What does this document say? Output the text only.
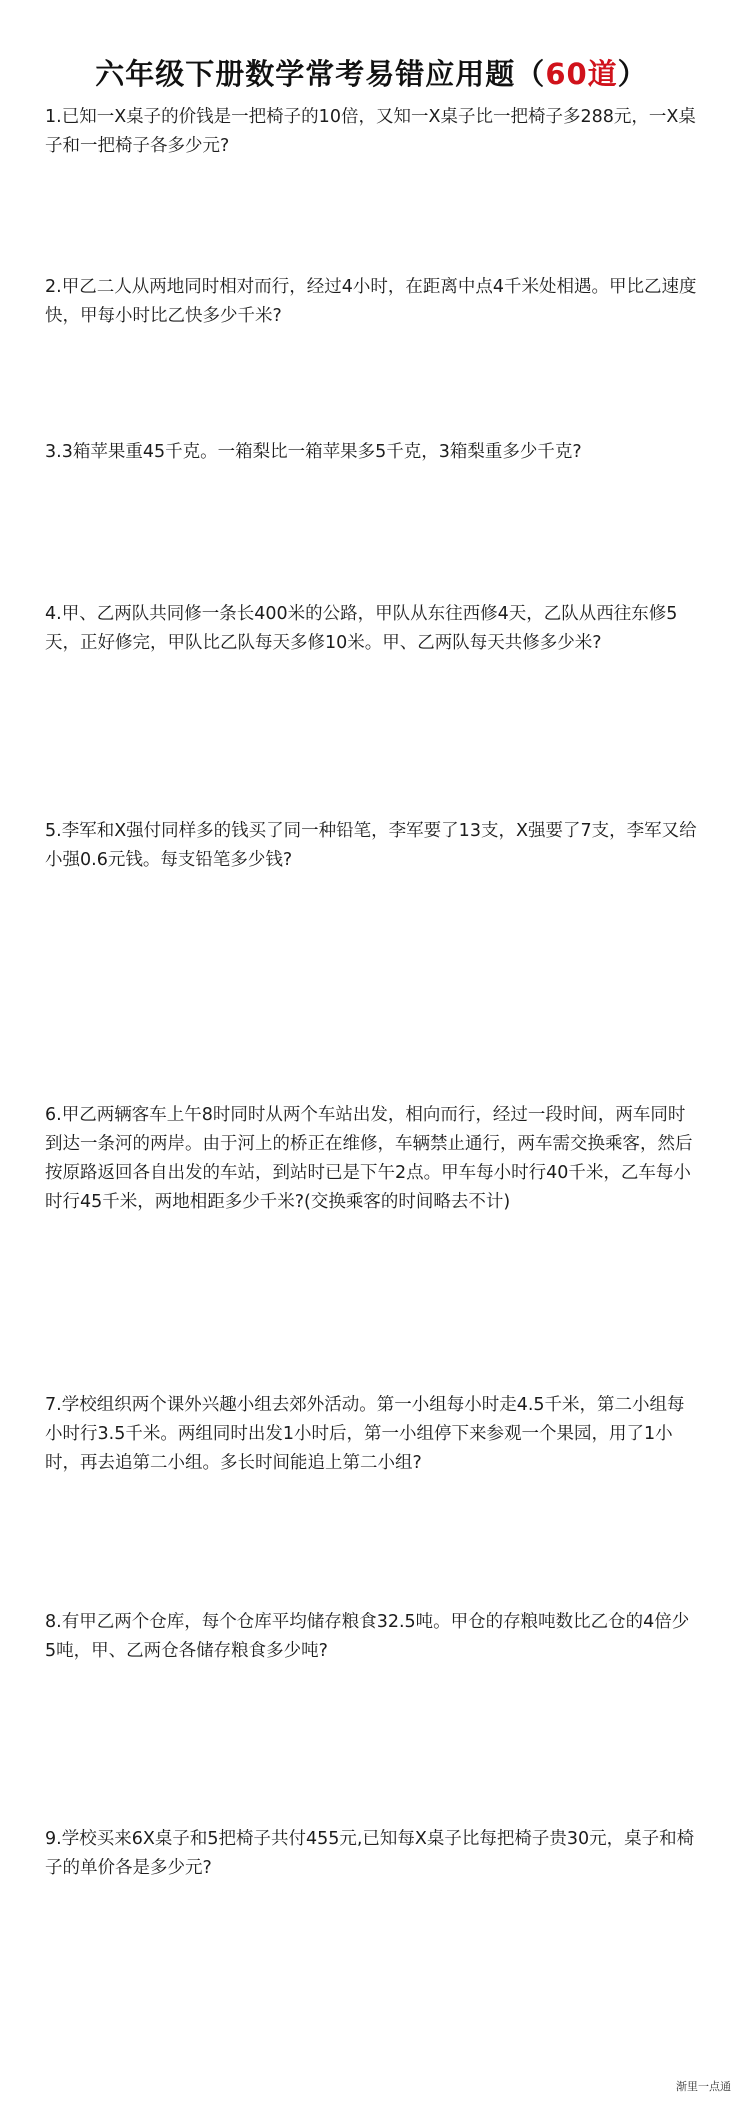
六年级下册数学常考易错应用题（60道）

1.已知一X桌子的价钱是一把椅子的10倍，又知一X桌子比一把椅子多288元，一X桌子和一把椅子各多少元?

2.甲乙二人从两地同时相对而行，经过4小时，在距离中点4千米处相遇。甲比乙速度快，甲每小时比乙快多少千米?

3.3箱苹果重45千克。一箱梨比一箱苹果多5千克，3箱梨重多少千克?

4.甲、乙两队共同修一条长400米的公路，甲队从东往西修4天，乙队从西往东修5天，正好修完，甲队比乙队每天多修10米。甲、乙两队每天共修多少米?

5.李军和X强付同样多的钱买了同一种铅笔，李军要了13支，X强要了7支，李军又给小强0.6元钱。每支铅笔多少钱?

6.甲乙两辆客车上午8时同时从两个车站出发，相向而行，经过一段时间，两车同时到达一条河的两岸。由于河上的桥正在维修，车辆禁止通行，两车需交换乘客，然后按原路返回各自出发的车站，到站时已是下午2点。甲车每小时行40千米，乙车每小时行45千米，两地相距多少千米?(交换乘客的时间略去不计)

7.学校组织两个课外兴趣小组去郊外活动。第一小组每小时走4.5千米，第二小组每小时行3.5千米。两组同时出发1小时后，第一小组停下来参观一个果园，用了1小时，再去追第二小组。多长时间能追上第二小组?

8.有甲乙两个仓库，每个仓库平均储存粮食32.5吨。甲仓的存粮吨数比乙仓的4倍少5吨，甲、乙两仓各储存粮食多少吨?

9.学校买来6X桌子和5把椅子共付455元,已知每X桌子比每把椅子贵30元，桌子和椅子的单价各是多少元?

渐里一点通
